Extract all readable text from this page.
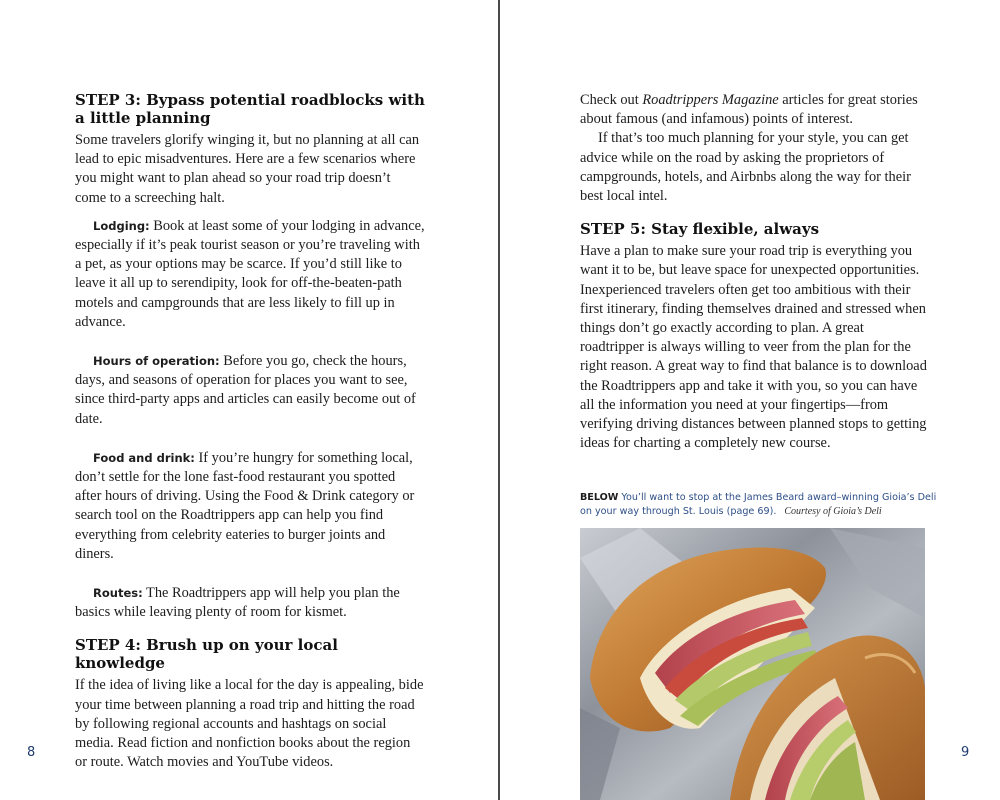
STEP 3: Bypass potential roadblocks with a little planning

Some travelers glorify winging it, but no planning at all can lead to epic misadventures. Here are a few scenarios where you might want to plan ahead so your road trip doesn’t come to a screeching halt.

Lodging: Book at least some of your lodging in advance, especially if it’s peak tourist season or you’re traveling with a pet, as your options may be scarce. If you’d still like to leave it all up to serendipity, look for off-the-beaten-path motels and campgrounds that are less likely to fill up in advance.

Hours of operation: Before you go, check the hours, days, and seasons of operation for places you want to see, since third-party apps and articles can easily become out of date.

Food and drink: If you’re hungry for something local, don’t settle for the lone fast-food restaurant you spotted after hours of driving. Using the Food & Drink category or search tool on the Roadtrippers app can help you find everything from celebrity eateries to burger joints and diners.

Routes: The Roadtrippers app will help you plan the basics while leaving plenty of room for kismet.

STEP 4: Brush up on your local knowledge

If the idea of living like a local for the day is appealing, bide your time between planning a road trip and hitting the road by following regional accounts and hashtags on social media. Read fiction and nonfiction books about the region or route. Watch movies and YouTube videos.

8

Check out Roadtrippers Magazine articles for great stories about famous (and infamous) points of interest.

If that’s too much planning for your style, you can get advice while on the road by asking the proprietors of campgrounds, hotels, and Airbnbs along the way for their best local intel.

STEP 5: Stay flexible, always

Have a plan to make sure your road trip is everything you want it to be, but leave space for unexpected opportunities. Inexperienced travelers often get too ambitious with their first itinerary, finding themselves drained and stressed when things don’t go exactly according to plan. A great roadtripper is always willing to veer from the plan for the right reason. A great way to find that balance is to download the Roadtrippers app and take it with you, so you can have all the information you need at your fingertips—from verifying driving distances between planned stops to getting ideas for charting a completely new course.

BELOW You’ll want to stop at the James Beard award–winning Gioia’s Deli on your way through St. Louis (page 69). Courtesy of Gioia’s Deli
9
